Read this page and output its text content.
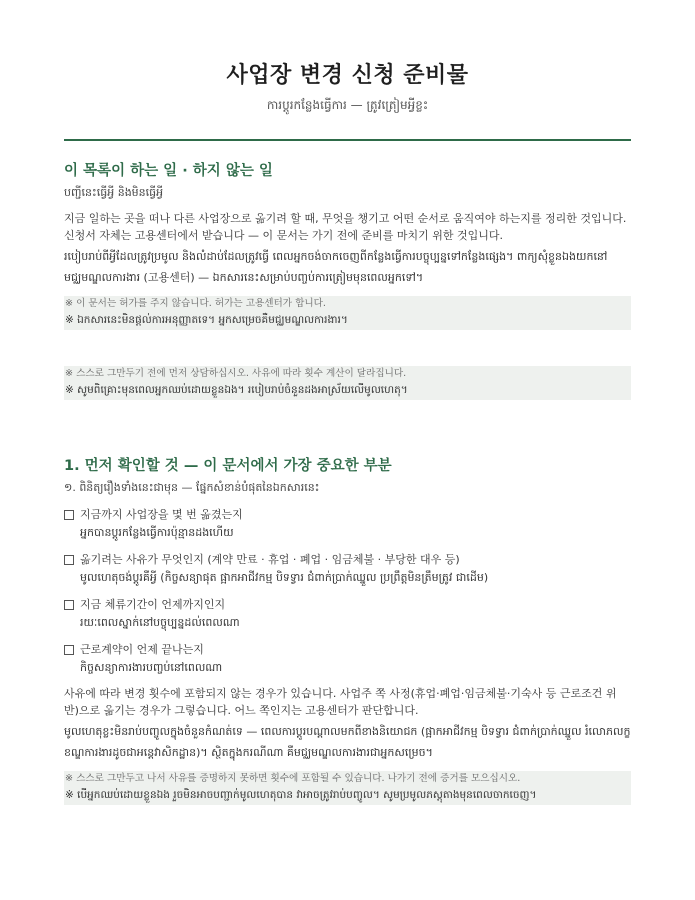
사업장 변경 신청 준비물
ការប្ដូរកន្លែងធ្វើការ — ត្រូវត្រៀមអ្វីខ្លះ
이 목록이 하는 일 · 하지 않는 일
បញ្ជីនេះធ្វើអ្វី និងមិនធ្វើអ្វី
지금 일하는 곳을 떠나 다른 사업장으로 옮기려 할 때, 무엇을 챙기고 어떤 순서로 움직여야 하는지를 정리한 것입니다. 신청서 자체는 고용센터에서 받습니다 — 이 문서는 가기 전에 준비를 마치기 위한 것입니다.
របៀបរាប់ពីអ្វីដែលត្រូវប្រមូល និងលំដាប់ដែលត្រូវធ្វើ ពេលអ្នកចង់ចាកចេញពីកន្លែងធ្វើការបច្ចុប្បន្នទៅកន្លែងផ្សេង។ ពាក្យសុំខ្លួនឯងយកនៅមជ្ឈមណ្ឌលការងារ (고용센터) — ឯកសារនេះសម្រាប់បញ្ចប់ការត្រៀមមុនពេលអ្នកទៅ។
※ 이 문서는 허가를 주지 않습니다. 허가는 고용센터가 합니다.
※ ឯកសារនេះមិនផ្ដល់ការអនុញ្ញាតទេ។ អ្នកសម្រេចគឺមជ្ឈមណ្ឌលការងារ។
※ 스스로 그만두기 전에 먼저 상담하십시오. 사유에 따라 횟수 계산이 달라집니다.
※ សូមពិគ្រោះមុនពេលអ្នកឈប់ដោយខ្លួនឯង។ របៀបរាប់ចំនួនដងអាស្រ័យលើមូលហេតុ។
1. 먼저 확인할 것 — 이 문서에서 가장 중요한 부분
១. ពិនិត្យរឿងទាំងនេះជាមុន — ផ្នែកសំខាន់បំផុតនៃឯកសារនេះ
지금까지 사업장을 몇 번 옮겼는지
អ្នកបានប្ដូរកន្លែងធ្វើការប៉ុន្មានដងហើយ
옮기려는 사유가 무엇인지 (계약 만료 · 휴업 · 폐업 · 임금체불 · 부당한 대우 등)
មូលហេតុចង់ប្ដូរគឺអ្វី (កិច្ចសន្យាផុត ផ្អាកអាជីវកម្ម បិទទ្វារ ជំពាក់ប្រាក់ឈ្នួល ប្រព្រឹត្តមិនត្រឹមត្រូវ ជាដើម)
지금 체류기간이 언제까지인지
រយៈពេលស្នាក់នៅបច្ចុប្បន្នដល់ពេលណា
근로계약이 언제 끝나는지
កិច្ចសន្យាការងារបញ្ចប់នៅពេលណា
사유에 따라 변경 횟수에 포함되지 않는 경우가 있습니다. 사업주 쪽 사정(휴업·폐업·임금체불·기숙사 등 근로조건 위반)으로 옮기는 경우가 그렇습니다. 어느 쪽인지는 고용센터가 판단합니다.
មូលហេតុខ្លះមិនរាប់បញ្ចូលក្នុងចំនួនកំណត់ទេ — ពេលការប្ដូរបណ្ដាលមកពីខាងនិយោជក (ផ្អាកអាជីវកម្ម បិទទ្វារ ជំពាក់ប្រាក់ឈ្នួល រំលោភលក្ខខណ្ឌការងារដូចជាអន្តេវាសិកដ្ឋាន)។ ស្ថិតក្នុងករណីណា គឺមជ្ឈមណ្ឌលការងារជាអ្នកសម្រេច។
※ 스스로 그만두고 나서 사유를 증명하지 못하면 횟수에 포함될 수 있습니다. 나가기 전에 증거를 모으십시오.
※ បើអ្នកឈប់ដោយខ្លួនឯង រួចមិនអាចបញ្ជាក់មូលហេតុបាន វាអាចត្រូវរាប់បញ្ចូល។ សូមប្រមូលភស្តុតាងមុនពេលចាកចេញ។
